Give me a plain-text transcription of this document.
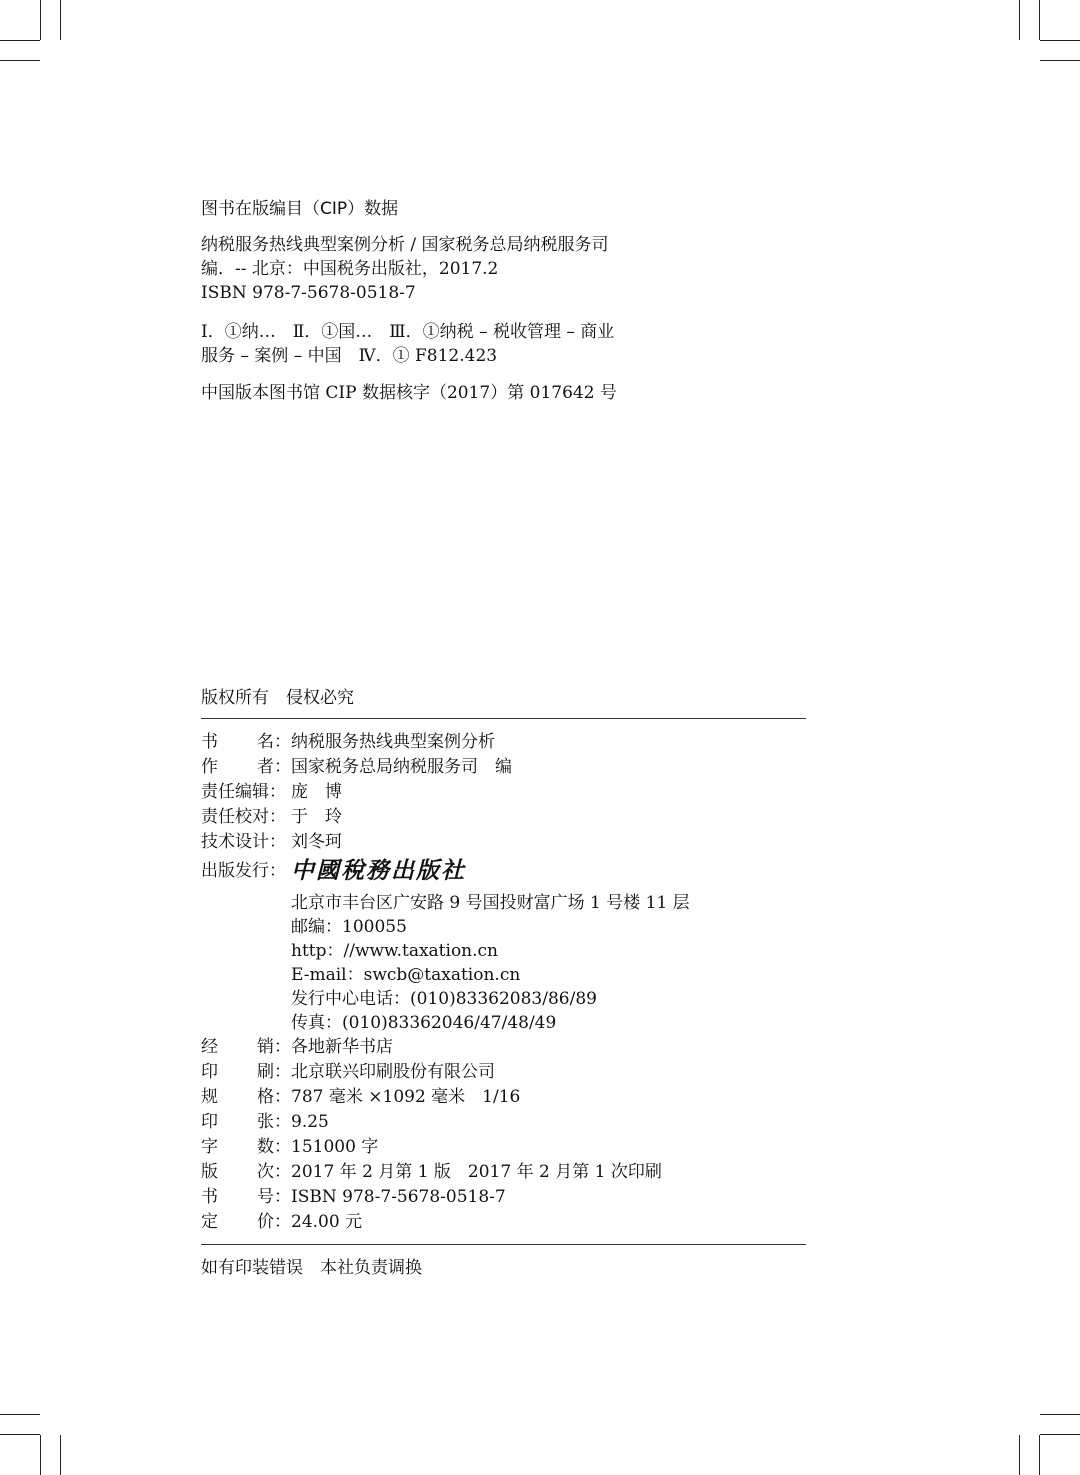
图书在版编目（CIP）数据
纳税服务热线典型案例分析 / 国家税务总局纳税服务司
编．-- 北京：中国税务出版社，2017.2
ISBN 978-7-5678-0518-7
Ⅰ．①纳…　Ⅱ．①国…　Ⅲ．①纳税 – 税收管理 – 商业
服务 – 案例 – 中国　Ⅳ．① F812.423
中国版本图书馆 CIP 数据核字（2017）第 017642 号
版权所有　侵权必究
书 名： 纳税服务热线典型案例分析
作 者： 国家税务总局纳税服务司　编
责任编辑： 庞　博
责任校对： 于　玲
技术设计： 刘冬珂
出版发行： 中國稅務出版社
北京市丰台区广安路 9 号国投财富广场 1 号楼 11 层
邮编：100055
http：//www.taxation.cn
E-mail：swcb@taxation.cn
发行中心电话：(010)83362083/86/89
传真：(010)83362046/47/48/49
经 销： 各地新华书店
印 刷： 北京联兴印刷股份有限公司
规 格： 787 毫米 ×1092 毫米　1/16
印 张： 9.25
字 数： 151000 字
版 次： 2017 年 2 月第 1 版　2017 年 2 月第 1 次印刷
书 号： ISBN 978-7-5678-0518-7
定 价： 24.00 元
如有印装错误　本社负责调换
